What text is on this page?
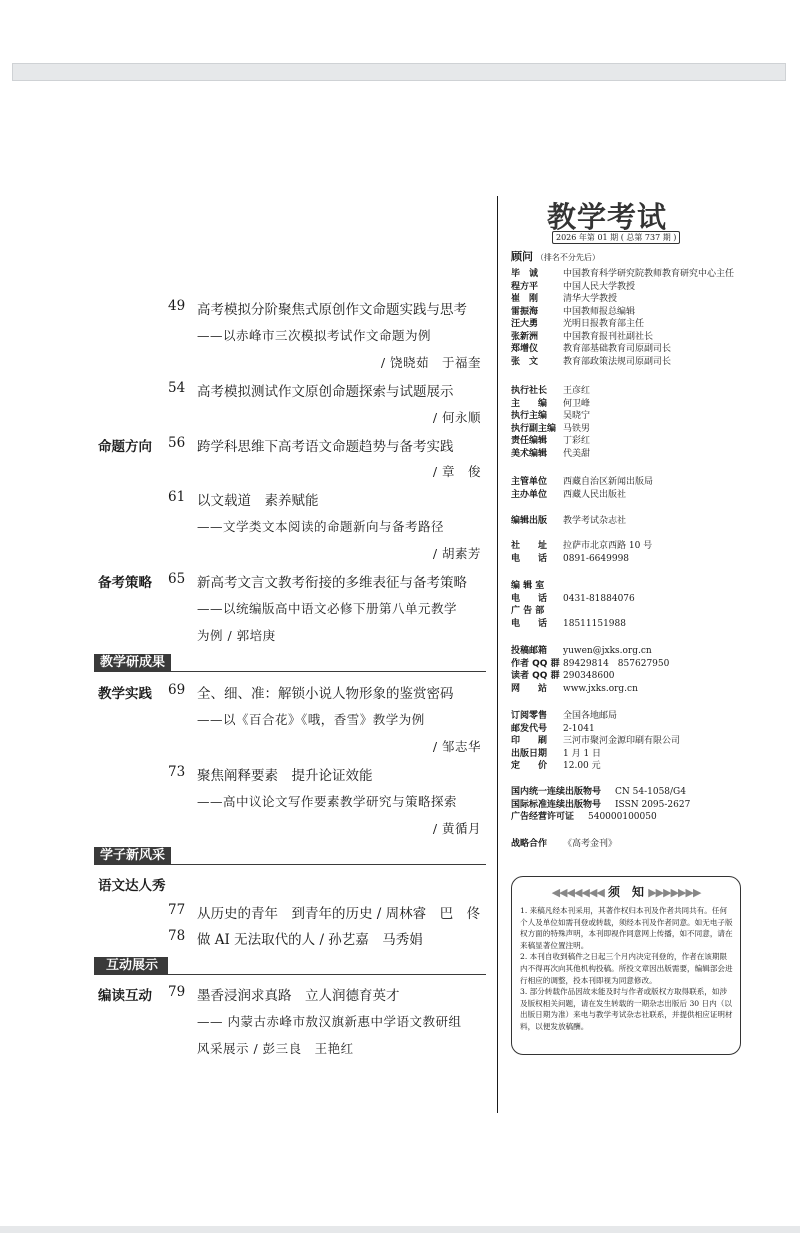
49 高考模拟分阶聚焦式原创作文命题实践与思考
——以赤峰市三次模拟考试作文命题为例
/ 饶晓茹　于福奎
54 高考模拟测试作文原创命题探索与试题展示
/ 何永顺
命题方向 56 跨学科思维下高考语文命题趋势与备考实践
/ 章　俊
61 以文载道　素养赋能
——文学类文本阅读的命题新向与备考路径
/ 胡素芳
备考策略 65 新高考文言文教考衔接的多维表征与备考策略
——以统编版高中语文必修下册第八单元教学
为例 / 郭培庚
教学研成果
教学实践 69 全、细、准：解锁小说人物形象的鉴赏密码
——以《百合花》《哦，香雪》教学为例
/ 邹志华
73 聚焦阐释要素　提升论证效能
——高中议论文写作要素教学研究与策略探索
/ 黄循月
学子新风采
语文达人秀
77 从历史的青年　到青年的历史 / 周林睿　巴　佟
78 做 AI 无法取代的人 / 孙艺嘉　马秀娟
互动展示
编读互动 79 墨香浸润求真路　立人润德育英才
—— 内蒙古赤峰市敖汉旗新惠中学语文教研组
风采展示 / 彭三良　王艳红
教学考试
2026 年第 01 期 ( 总第 737 期 )
顾问 （排名不分先后）
毕　诚	中国教育科学研究院教师教育研究中心主任
程方平	中国人民大学教授
崔　刚	清华大学教授
雷振海	中国教师报总编辑
汪大勇	光明日报教育部主任
张新洲	中国教育报刊社副社长
郑增仪	教育部基础教育司原副司长
张　文	教育部政策法规司原副司长
执行社长 王彦红
主　　编 何卫峰
执行主编 吴晓宁
执行副主编 马铁男
责任编辑 丁彩红
美术编辑 代美甜
主管单位 西藏自治区新闻出版局
主办单位 西藏人民出版社
编辑出版 教学考试杂志社
社　　址 拉萨市北京西路 10 号
电　　话 0891-6649998
编 辑 室
电　　话 0431-81884076
广 告 部
电　　话 18511151988
投稿邮箱 yuwen@jxks.org.cn
作者 QQ 群 89429814　857627950
读者 QQ 群 290348600
网　　站 www.jxks.org.cn
订阅零售 全国各地邮局
邮发代号 2-1041
印　　刷 三河市聚河金源印刷有限公司
出版日期 1 月 1 日
定　　价 12.00 元
国内统一连续出版物号 CN 54-1058/G4
国际标准连续出版物号 ISSN 2095-2627
广告经营许可证 540000100050
战略合作 《高考金刊》
◀◀◀◀◀◀◀ 须　知 ▶▶▶▶▶▶▶

1. 来稿凡经本刊采用，其著作权归本刊及作者共同共有。任何个人及单位如需刊登或转载，须经本刊及作者同意。如无电子版权方面的特殊声明，本刊即视作同意网上传播，如不同意，请在来稿显著位置注明。

2. 本刊自收到稿件之日起三个月内决定刊登的，作者在该期限内不得再次向其他机构投稿。所投文章因出版需要，编辑部会进行相应的调整，投本刊即视为同意修改。

3. 部分转载作品因故未能及时与作者或版权方取得联系，如涉及版权相关问题，请在发生转载的一期杂志出版后 30 日内（以出版日期为准）来电与教学考试杂志社联系，并提供相应证明材料，以便发放稿酬。
